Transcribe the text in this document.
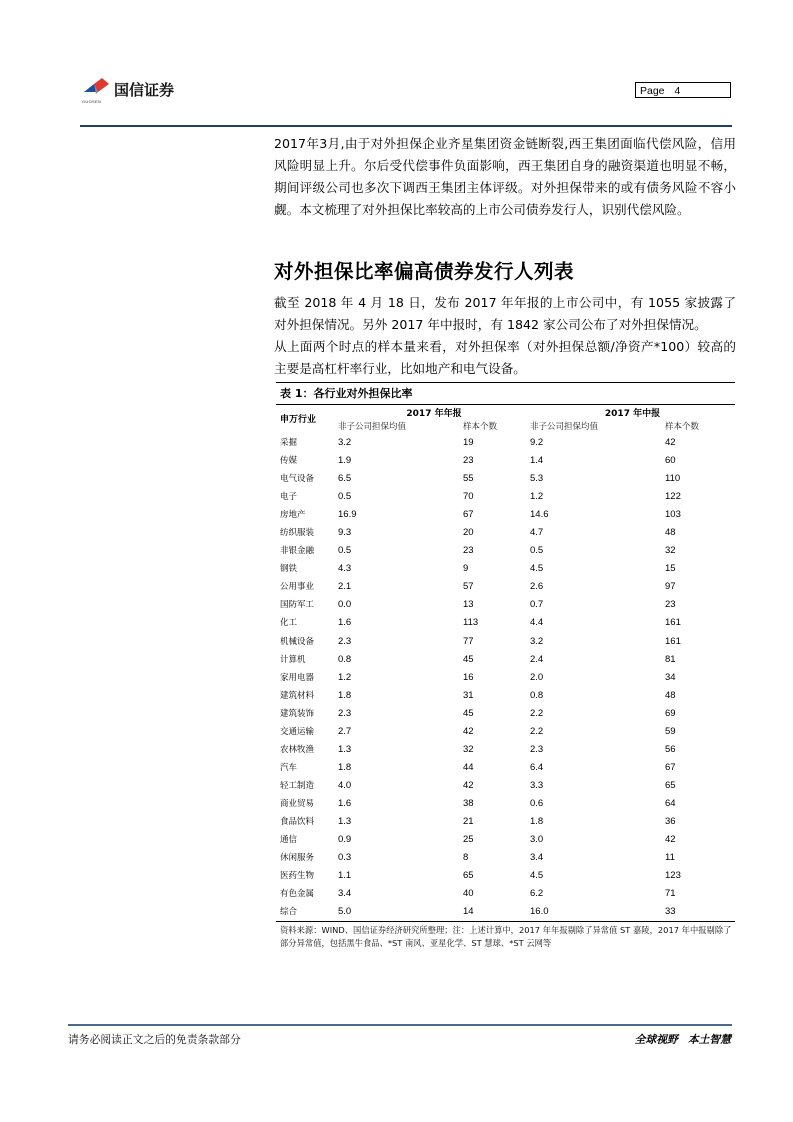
GUOSEN
国信证券	Page 4
2017年3月,由于对外担保企业齐星集团资金链断裂,西王集团面临代偿风险，信用风险明显上升。尔后受代偿事件负面影响，西王集团自身的融资渠道也明显不畅，期间评级公司也多次下调西王集团主体评级。对外担保带来的或有债务风险不容小觑。本文梳理了对外担保比率较高的上市公司债券发行人，识别代偿风险。
对外担保比率偏高债券发行人列表
截至 2018 年 4 月 18 日，发布 2017 年年报的上市公司中，有 1055 家披露了对外担保情况。另外 2017 年中报时，有 1842 家公司公布了对外担保情况。
从上面两个时点的样本量来看，对外担保率（对外担保总额/净资产*100）较高的主要是高杠杆率行业，比如地产和电气设备。
表 1：各行业对外担保比率
申万行业	2017 年年报		2017 年中报	
	非子公司担保均值	样本个数	非子公司担保均值	样本个数
采掘	3.2	19	9.2	42
传媒	1.9	23	1.4	60
电气设备	6.5	55	5.3	110
电子	0.5	70	1.2	122
房地产	16.9	67	14.6	103
纺织服装	9.3	20	4.7	48
非银金融	0.5	23	0.5	32
钢铁	4.3	9	4.5	15
公用事业	2.1	57	2.6	97
国防军工	0.0	13	0.7	23
化工	1.6	113	4.4	161
机械设备	2.3	77	3.2	161
计算机	0.8	45	2.4	81
家用电器	1.2	16	2.0	34
建筑材料	1.8	31	0.8	48
建筑装饰	2.3	45	2.2	69
交通运输	2.7	42	2.2	59
农林牧渔	1.3	32	2.3	56
汽车	1.8	44	6.4	67
轻工制造	4.0	42	3.3	65
商业贸易	1.6	38	0.6	64
食品饮料	1.3	21	1.8	36
通信	0.9	25	3.0	42
休闲服务	0.3	8	3.4	11
医药生物	1.1	65	4.5	123
有色金属	3.4	40	6.2	71
综合	5.0	14	16.0	33
资料来源：WIND、国信证券经济研究所整理；注：上述计算中，2017 年年报剔除了异常值 ST 嘉陵，2017 年中报剔除了部分异常值，包括黑牛食品、*ST 南风、亚星化学、ST 慧球、*ST 云网等
请务必阅读正文之后的免责条款部分	全球视野 本土智慧
